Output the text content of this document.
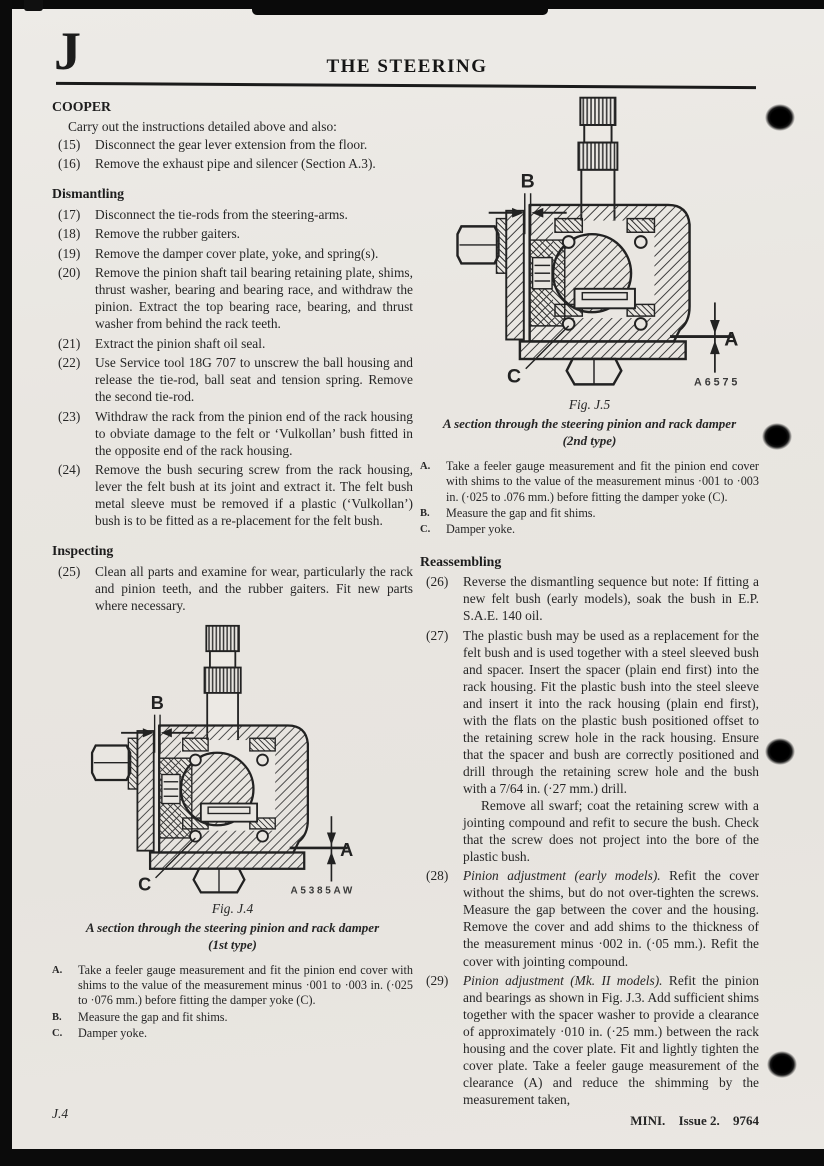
J	THE STEERING
COOPER
Carry out the instructions detailed above and also:
(15)	Disconnect the gear lever extension from the floor.
(16)	Remove the exhaust pipe and silencer (Section A.3).
Dismantling
(17)	Disconnect the tie-rods from the steering-arms.
(18)	Remove the rubber gaiters.
(19)	Remove the damper cover plate, yoke, and spring(s).
(20)	Remove the pinion shaft tail bearing retaining plate, shims, thrust washer, bearing and bearing race, and withdraw the pinion. Extract the top bearing race, bearing, and thrust washer from behind the rack teeth.
(21)	Extract the pinion shaft oil seal.
(22)	Use Service tool 18G 707 to unscrew the ball housing and release the tie-rod, ball seat and tension spring. Remove the second tie-rod.
(23)	Withdraw the rack from the pinion end of the rack housing to obviate damage to the felt or ‘Vulkollan’ bush fitted in the opposite end of the rack housing.
(24)	Remove the bush securing screw from the rack housing, lever the felt bush at its joint and extract it. The felt bush metal sleeve must be removed if a plastic (‘Vulkollan’) bush is to be fitted as a re-placement for the felt bush.
Inspecting
(25)	Clean all parts and examine for wear, particularly the rack and pinion teeth, and the rubber gaiters. Fit new parts where necessary.
B
A
C	A5385AW
Fig. J.4
A section through the steering pinion and rack damper
(1st type)
A.	Take a feeler gauge measurement and fit the pinion end cover with shims to the value of the measurement minus ·001 to ·003 in. (·025 to ·076 mm.) before fitting the damper yoke (C).
B.	Measure the gap and fit shims.
C.	Damper yoke.
B
A
C	A6575
Fig. J.5
A section through the steering pinion and rack damper
(2nd type)
A.	Take a feeler gauge measurement and fit the pinion end cover with shims to the value of the measurement minus ·001 to ·003 in. (·025 to .076 mm.) before fitting the damper yoke (C).
B.	Measure the gap and fit shims.
C.	Damper yoke.
Reassembling
(26)	Reverse the dismantling sequence but note: If fitting a new felt bush (early models), soak the bush in E.P. S.A.E. 140 oil.
(27)	The plastic bush may be used as a replacement for the felt bush and is used together with a steel sleeved bush and spacer. Insert the spacer (plain end first) into the rack housing. Fit the plastic bush into the steel sleeve and insert it into the rack housing (plain end first), with the flats on the plastic bush positioned offset to the retaining screw hole in the rack housing. Ensure that the spacer and bush are correctly positioned and drill through the retaining screw hole and the bush with a 7/64 in. (·27 mm.) drill.
Remove all swarf; coat the retaining screw with a jointing compound and refit to secure the bush. Check that the screw does not project into the bore of the plastic bush.
(28)	Pinion adjustment (early models). Refit the cover without the shims, but do not over-tighten the screws. Measure the gap between the cover and the housing. Remove the cover and add shims to the thickness of the measurement minus ·002 in. (·05 mm.). Refit the cover with jointing compound.
(29)	Pinion adjustment (Mk. II models). Refit the pinion and bearings as shown in Fig. J.3. Add sufficient shims together with the spacer washer to provide a clearance of approximately ·010 in. (·25 mm.) between the rack housing and the cover plate. Fit and lightly tighten the cover plate. Take a feeler gauge measurement of the clearance (A) and reduce the shimming by the measurement taken,
J.4	MINI. Issue 2. 9764
